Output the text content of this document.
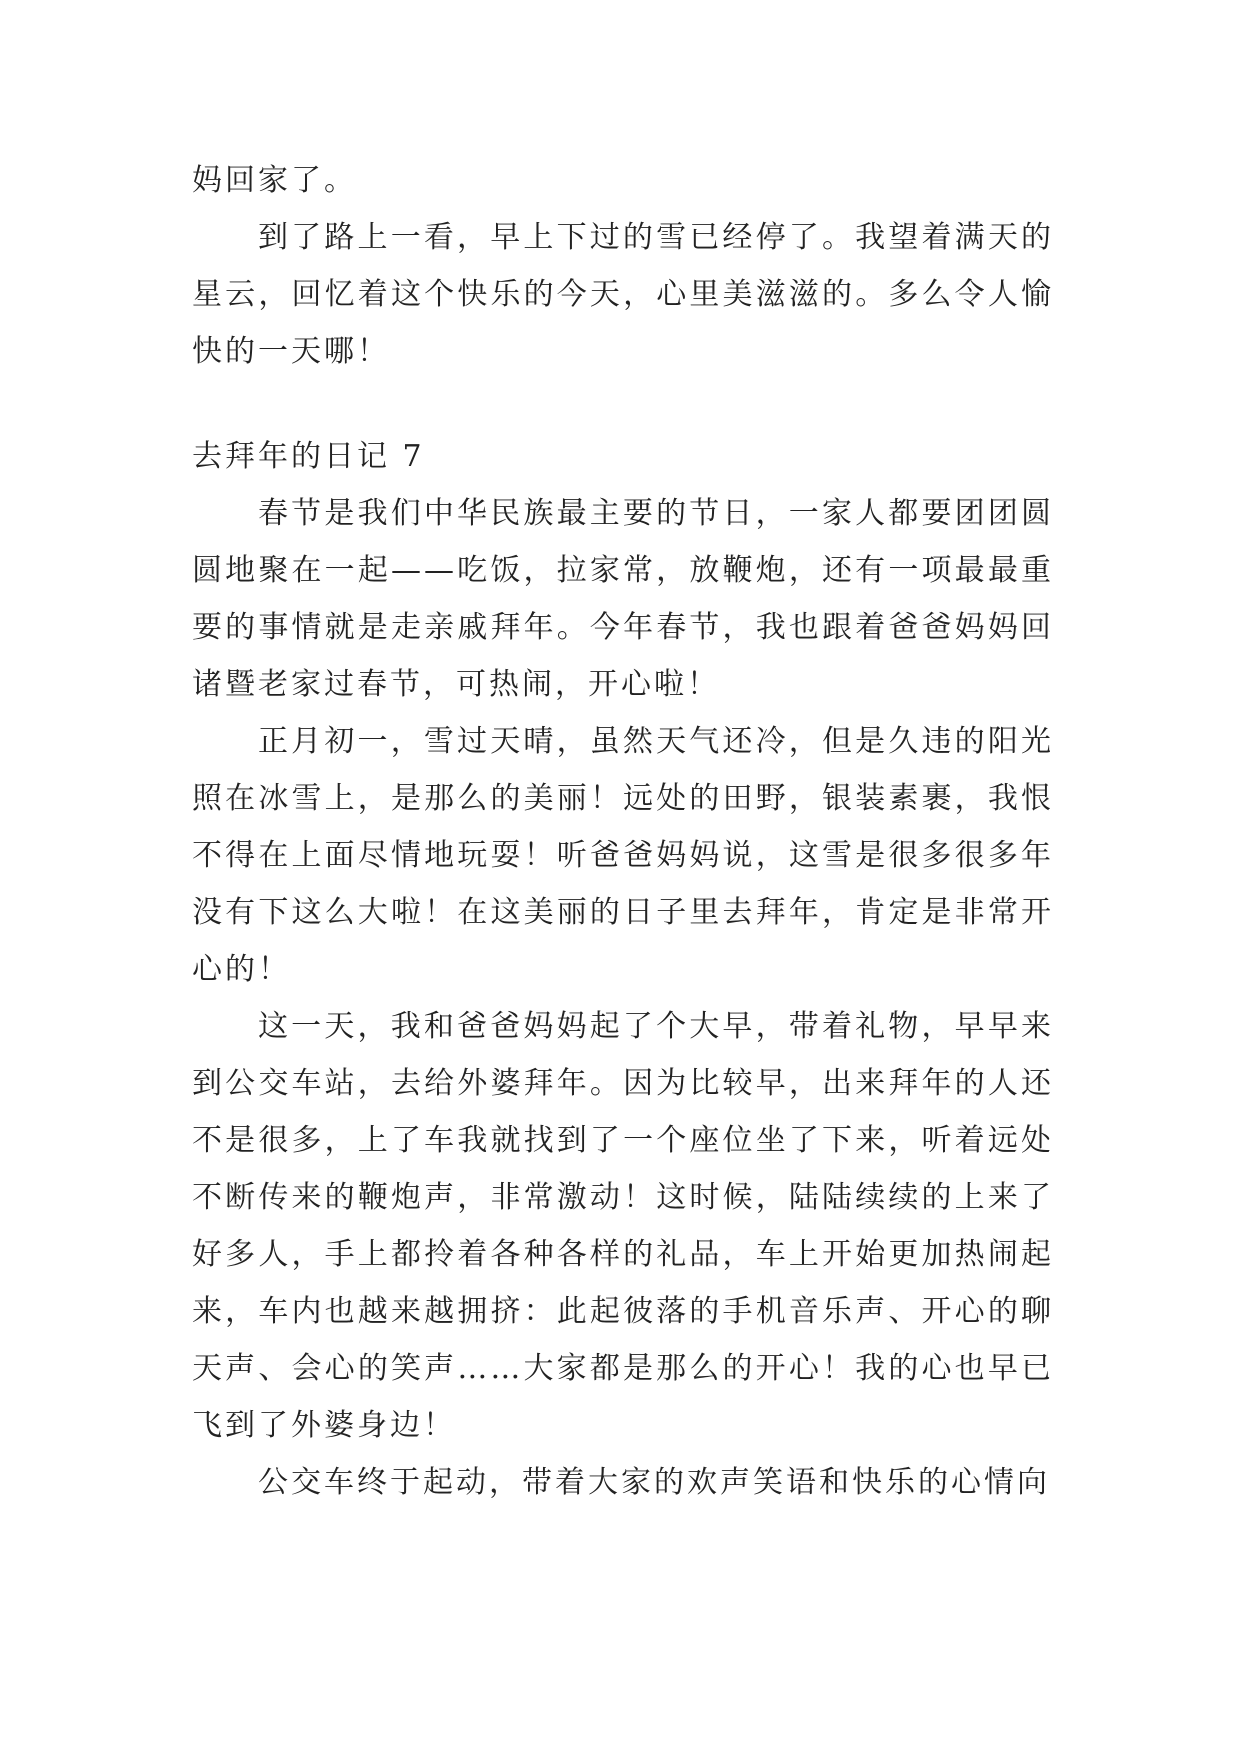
妈回家了。

到了路上一看，早上下过的雪已经停了。我望着满天的星云，回忆着这个快乐的今天，心里美滋滋的。多么令人愉快的一天哪！

去拜年的日记 7

春节是我们中华民族最主要的节日，一家人都要团团圆圆地聚在一起——吃饭，拉家常，放鞭炮，还有一项最最重要的事情就是走亲戚拜年。今年春节，我也跟着爸爸妈妈回诸暨老家过春节，可热闹，开心啦！

正月初一，雪过天晴，虽然天气还冷，但是久违的阳光照在冰雪上，是那么的美丽！远处的田野，银装素裹，我恨不得在上面尽情地玩耍！听爸爸妈妈说，这雪是很多很多年没有下这么大啦！在这美丽的日子里去拜年，肯定是非常开心的！

这一天，我和爸爸妈妈起了个大早，带着礼物，早早来到公交车站，去给外婆拜年。因为比较早，出来拜年的人还不是很多，上了车我就找到了一个座位坐了下来，听着远处不断传来的鞭炮声，非常激动！这时候，陆陆续续的上来了好多人，手上都拎着各种各样的礼品，车上开始更加热闹起来，车内也越来越拥挤：此起彼落的手机音乐声、开心的聊天声、会心的笑声……大家都是那么的开心！我的心也早已飞到了外婆身边！

公交车终于起动，带着大家的欢声笑语和快乐的心情向
